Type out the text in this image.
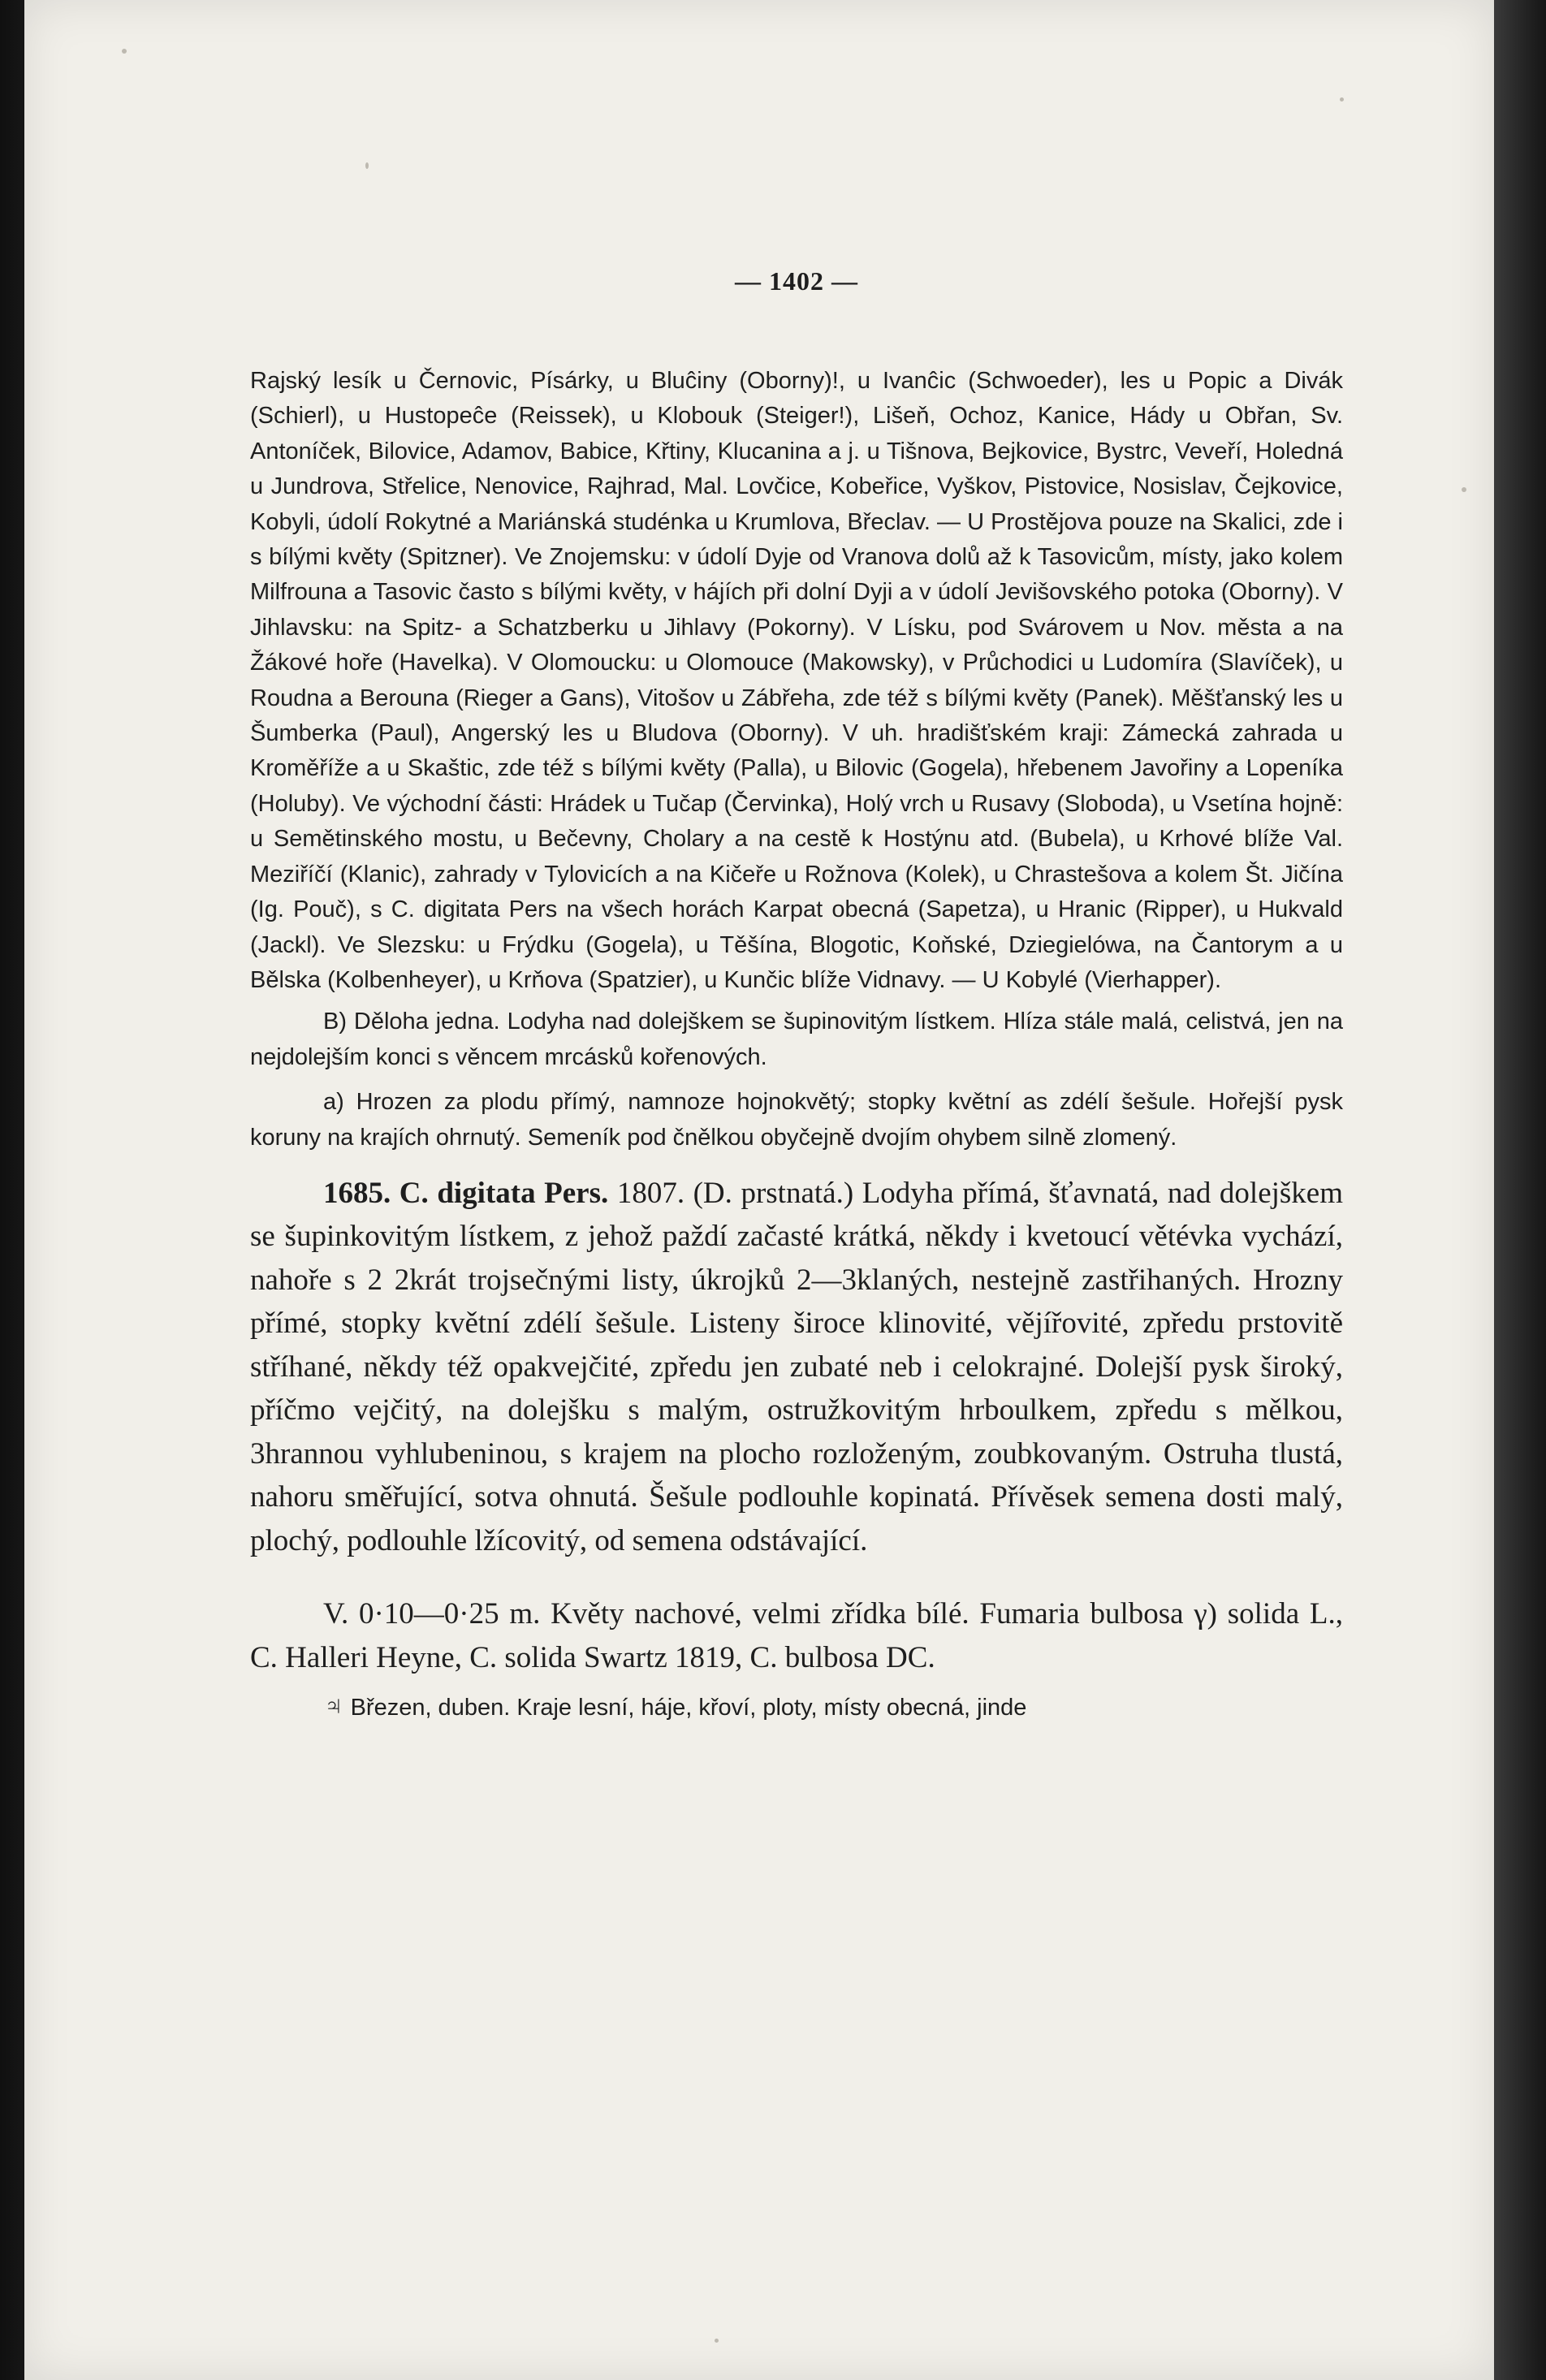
— 1402 —

Rajský lesík u Černovic, Písárky, u Bluĉiny (Oborny)!, u Ivanĉic (Schwoeder), les u Popic a Divák (Schierl), u Hustopeĉe (Reissek), u Klobouk (Steiger!), Lišeň, Ochoz, Kanice, Hády u Obřan, Sv. Antoníček, Bilovice, Adamov, Babice, Křtiny, Klucanina a j. u Tišnova, Bejkovice, Bystrc, Veveří, Holedná u Jundrova, Střelice, Nenovice, Rajhrad, Mal. Lovčice, Kobeřice, Vyškov, Pistovice, Nosislav, Čejkovice, Kobyli, údolí Rokytné a Mariánská studénka u Krumlova, Břeclav. — U Prostějova pouze na Skalici, zde i s bílými květy (Spitzner). Ve Znojemsku: v údolí Dyje od Vranova dolů až k Tasovicům, místy, jako kolem Milfrouna a Tasovic často s bílými květy, v hájích při dolní Dyji a v údolí Jevišovského potoka (Oborny). V Jihlavsku: na Spitz- a Schatzberku u Jihlavy (Pokorny). V Lísku, pod Svárovem u Nov. města a na Žákové hoře (Havelka). V Olomoucku: u Olomouce (Makowsky), v Průchodici u Ludomíra (Slavíček), u Roudna a Berouna (Rieger a Gans), Vitošov u Zábřeha, zde též s bílými květy (Panek). Měšťanský les u Šumberka (Paul), Angerský les u Bludova (Oborny). V uh. hradišťském kraji: Zámecká zahrada u Kroměříže a u Skaštic, zde též s bílými květy (Palla), u Bilovic (Gogela), hřebenem Javořiny a Lopeníka (Holuby). Ve východní části: Hrádek u Tučap (Červinka), Holý vrch u Rusavy (Sloboda), u Vsetína hojně: u Semětinského mostu, u Bečevny, Cholary a na cestě k Hostýnu atd. (Bubela), u Krhové blíže Val. Meziříčí (Klanic), zahrady v Tylovicích a na Kičeře u Rožnova (Kolek), u Chrastešova a kolem Št. Jičína (Ig. Pouč), s C. digitata Pers na všech horách Karpat obecná (Sapetza), u Hranic (Ripper), u Hukvald (Jackl). Ve Slezsku: u Frýdku (Gogela), u Těšína, Blogotic, Koňské, Dziegielówa, na Čantorym a u Bělska (Kolbenheyer), u Krňova (Spatzier), u Kunčic blíže Vidnavy. — U Kobylé (Vierhapper).

B) Děloha jedna. Lodyha nad dolejškem se šupinovitým lístkem. Hlíza stále malá, celistvá, jen na nejdolejším konci s věncem mrcásků kořenových.

a) Hrozen za plodu přímý, namnoze hojnokvětý; stopky květní as zdélí šešule. Hořejší pysk koruny na krajích ohrnutý. Semeník pod čnělkou obyčejně dvojím ohybem silně zlomený.

1685. C. digitata Pers. 1807. (D. prstnatá.) Lodyha přímá, šťavnatá, nad dolejškem se šupinkovitým lístkem, z jehož paždí začasté krátká, někdy i kvetoucí větévka vychází, nahoře s 2 2krát trojsečnými listy, úkrojků 2—3klaných, nestejně zastřihaných. Hrozny přímé, stopky květní zdélí šešule. Listeny široce klinovité, vějířovité, zpředu prstovitě stříhané, někdy též opakvejčité, zpředu jen zubaté neb i celokrajné. Dolejší pysk široký, příčmo vejčitý, na dolejšku s malým, ostružkovitým hrboulkem, zpředu s mělkou, 3hrannou vyhlubeninou, s krajem na plocho rozloženým, zoubkovaným. Ostruha tlustá, nahoru směřující, sotva ohnutá. Šešule podlouhle kopinatá. Přívěsek semena dosti malý, plochý, podlouhle lžícovitý, od semena odstávající.

V. 0·10—0·25 m. Květy nachové, velmi zřídka bílé. Fumaria bulbosa γ) solida L., C. Halleri Heyne, C. solida Swartz 1819, C. bulbosa DC.

♃ Březen, duben. Kraje lesní, háje, křoví, ploty, místy obecná, jinde
